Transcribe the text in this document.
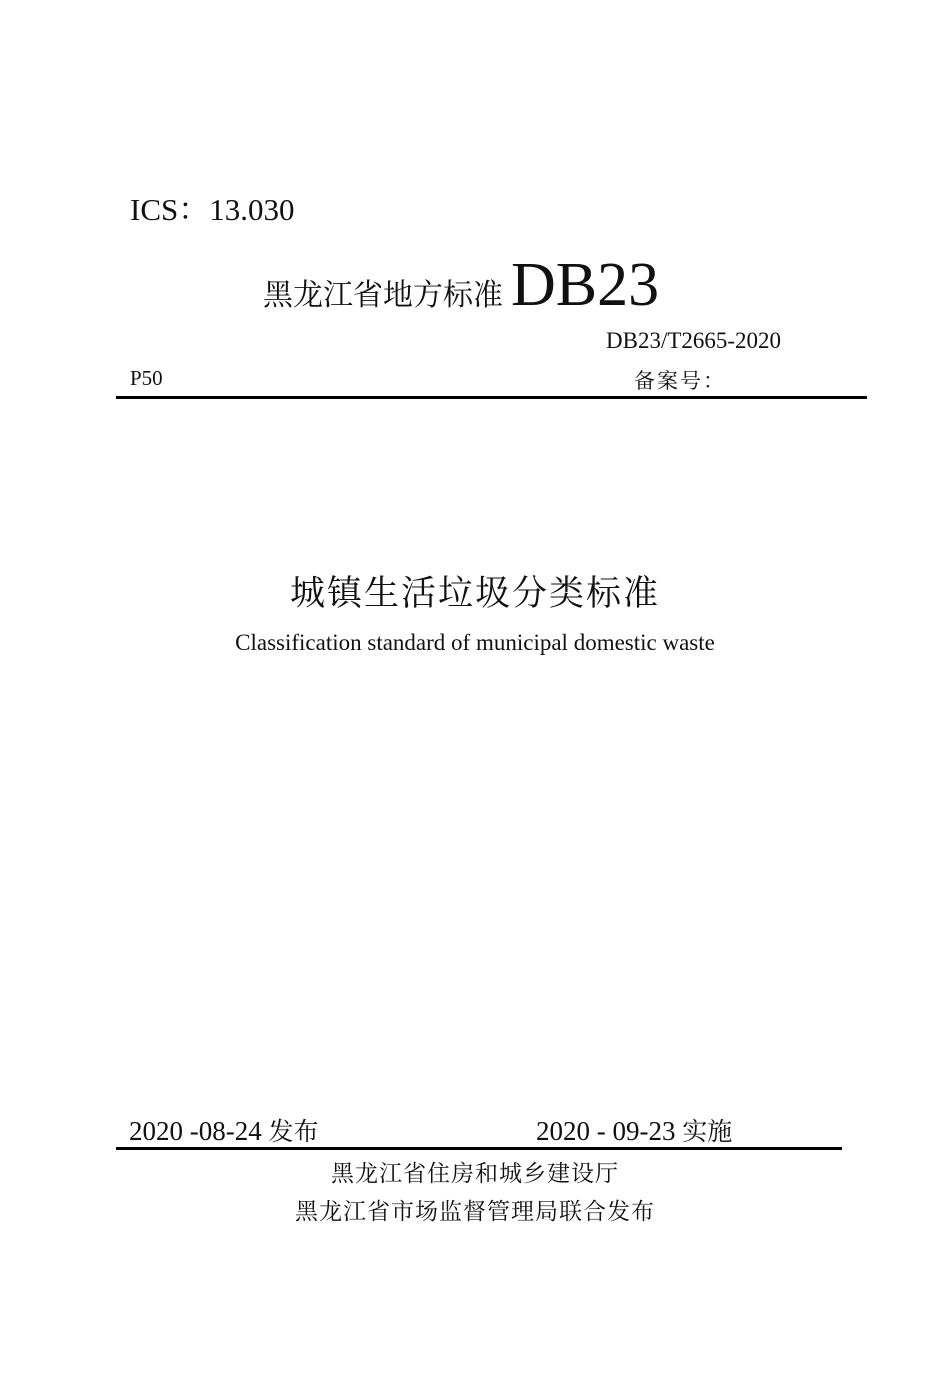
ICS：13.030
黑龙江省地方标准 DB23
DB23/T2665-2020
P50	备案号：
城镇生活垃圾分类标准
Classification standard of municipal domestic waste
2020 -08-24 发布	2020 - 09-23 实施
黑龙江省住房和城乡建设厅
黑龙江省市场监督管理局联合发布
